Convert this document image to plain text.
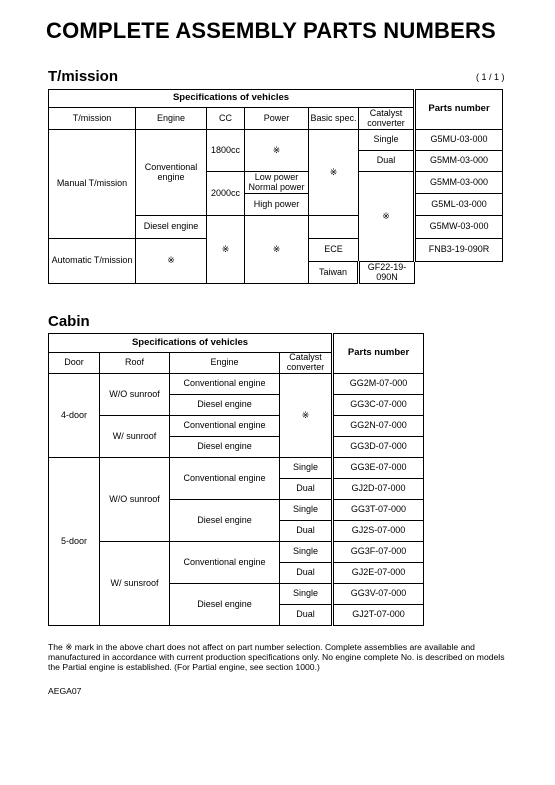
COMPLETE ASSEMBLY PARTS NUMBERS
T/mission	( 1 / 1 )
Specifications of vehicles						Parts number
T/mission	Engine	CC	Power	Basic spec.	Catalyst converter	
Manual T/mission	Conventional engine	1800cc	※	※	Single	G5MU-03-000
					Dual	G5MM-03-000
		2000cc	Low power Normal power		※	G5MM-03-000
			High power			G5ML-03-000
	Diesel engine	※	※			G5MW-03-000
Automatic T/mission	※			ECE		FNB3-19-090R
				Taiwan	GF22-19-090N	
Cabin
Specifications of vehicles				Parts number
Door	Roof	Engine	Catalyst converter	
4-door	W/O sunroof	Conventional engine	※	GG2M-07-000
		Diesel engine		GG3C-07-000
	W/ sunroof	Conventional engine		GG2N-07-000
		Diesel engine		GG3D-07-000
5-door	W/O sunroof	Conventional engine	Single	GG3E-07-000
			Dual	GJ2D-07-000
		Diesel engine	Single	GG3T-07-000
			Dual	GJ2S-07-000
	W/ sunsroof	Conventional engine	Single	GG3F-07-000
			Dual	GJ2E-07-000
		Diesel engine	Single	GG3V-07-000
			Dual	GJ2T-07-000
The ※ mark in the above chart does not affect on part number selection. Complete assemblies are available and manufactured in accordance with current production specifications only. No engine complete No. is described on models the Partial engine is established. (For Partial engine, see section 1000.)
AEGA07
